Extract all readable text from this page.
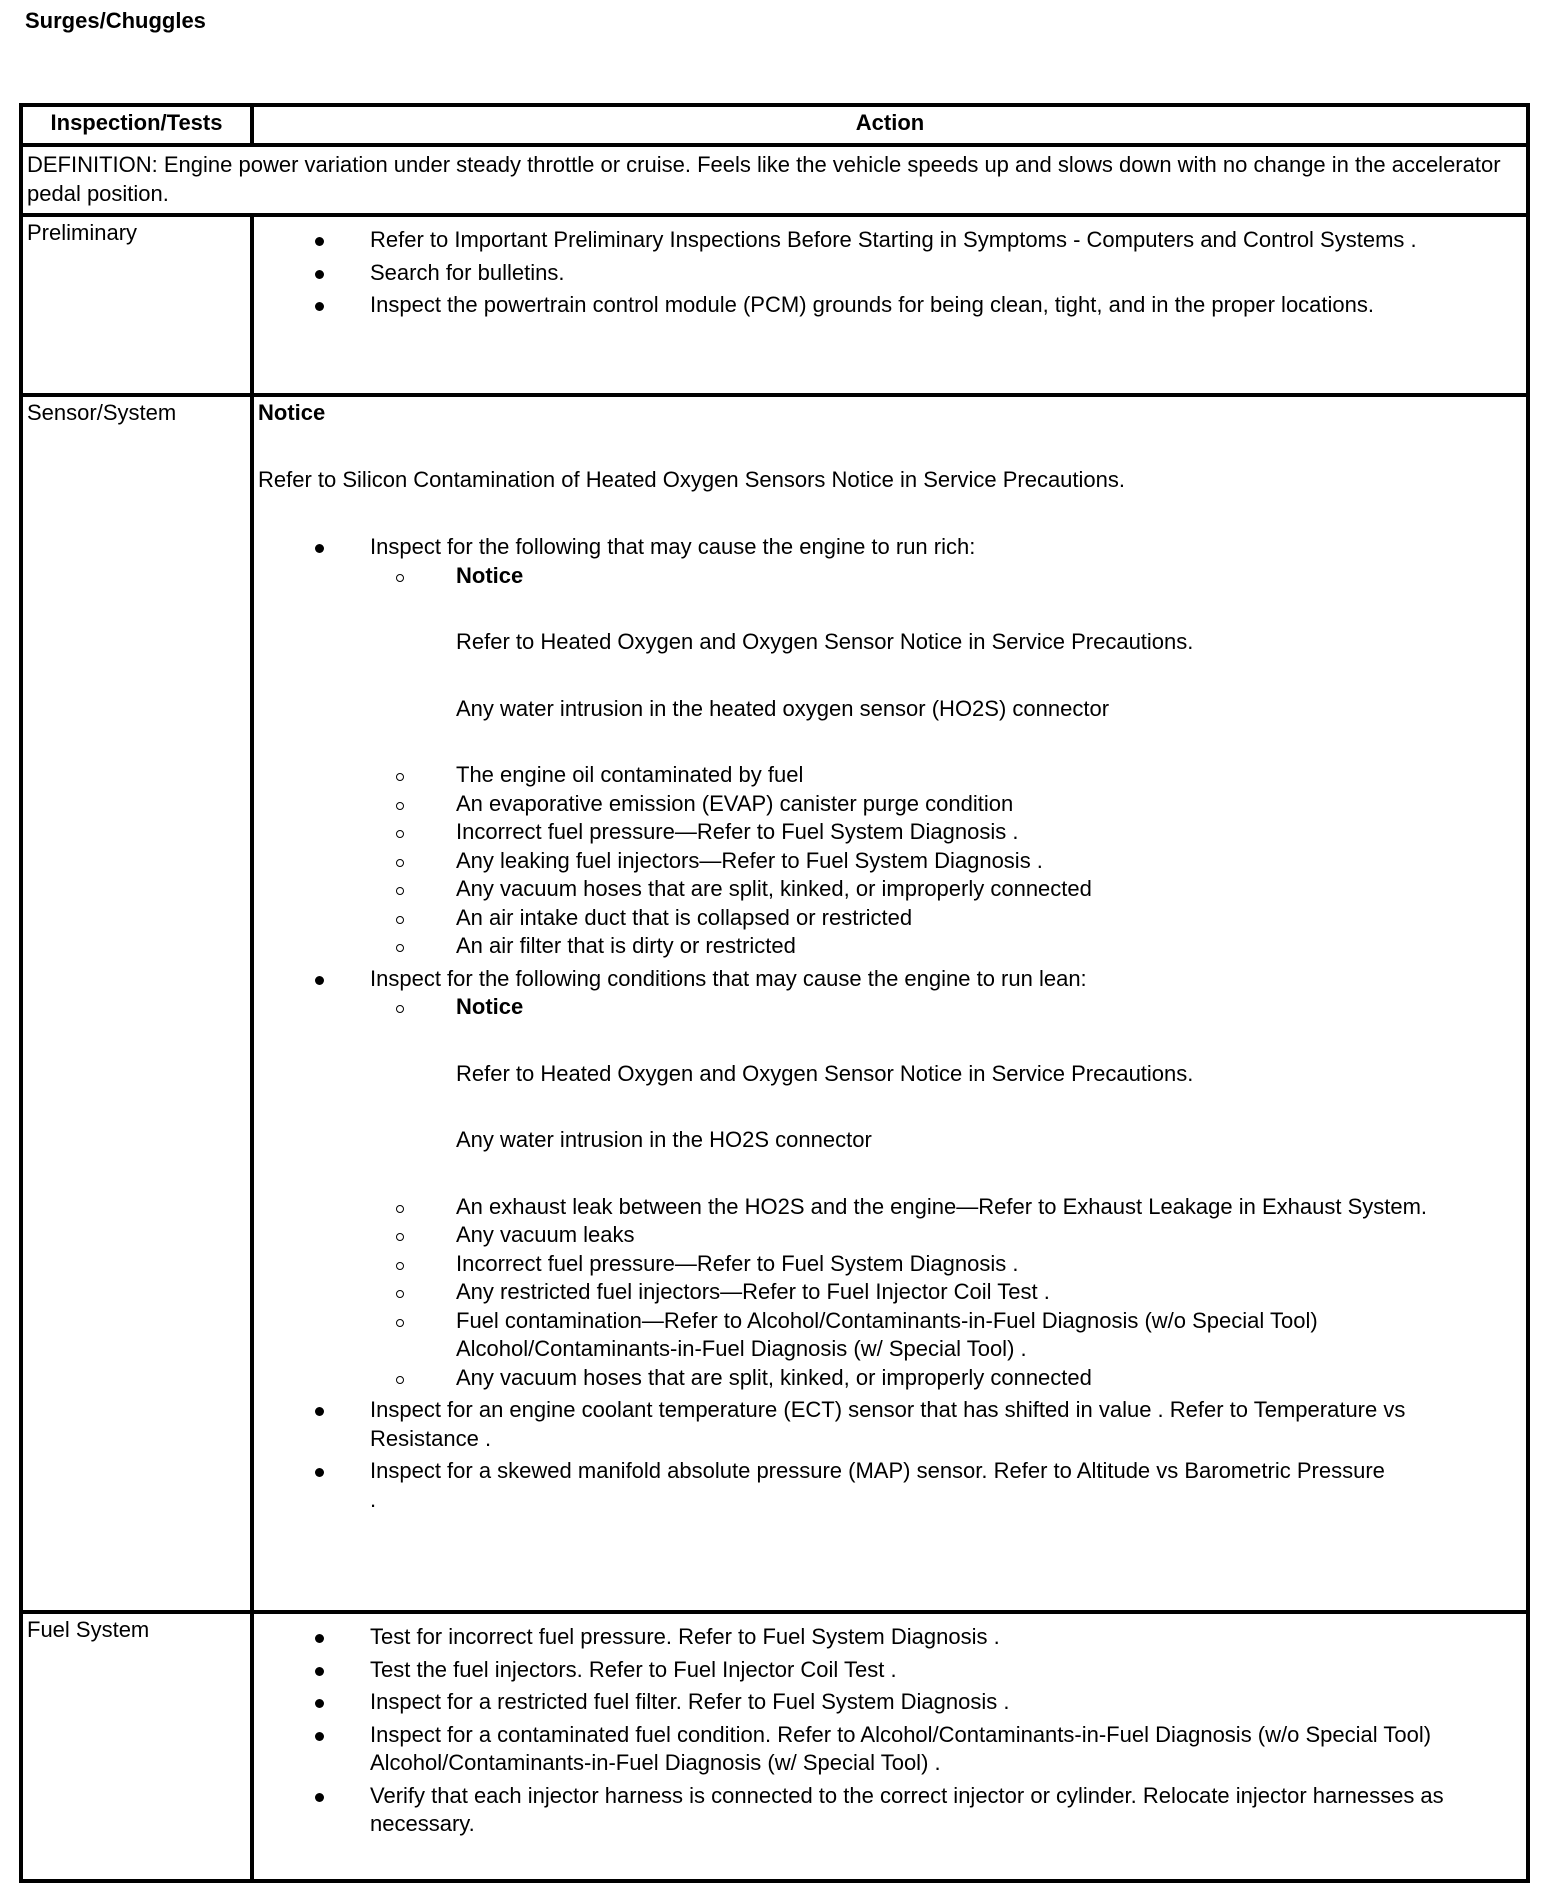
Surges/Chuggles
Inspection/Tests	Action
DEFINITION: Engine power variation under steady throttle or cruise. Feels like the vehicle speeds up and slows down with no change in the accelerator pedal position.
Preliminary	Refer to Important Preliminary Inspections Before Starting in Symptoms - Computers and Control Systems .
Search for bulletins.
Inspect the powertrain control module (PCM) grounds for being clean, tight, and in the proper locations.
Sensor/System	Notice
Refer to Silicon Contamination of Heated Oxygen Sensors Notice in Service Precautions.
Inspect for the following that may cause the engine to run rich:
Notice
Refer to Heated Oxygen and Oxygen Sensor Notice in Service Precautions.
Any water intrusion in the heated oxygen sensor (HO2S) connector
The engine oil contaminated by fuel
An evaporative emission (EVAP) canister purge condition
Incorrect fuel pressure—Refer to Fuel System Diagnosis .
Any leaking fuel injectors—Refer to Fuel System Diagnosis .
Any vacuum hoses that are split, kinked, or improperly connected
An air intake duct that is collapsed or restricted
An air filter that is dirty or restricted
Inspect for the following conditions that may cause the engine to run lean:
Notice
Refer to Heated Oxygen and Oxygen Sensor Notice in Service Precautions.
Any water intrusion in the HO2S connector
An exhaust leak between the HO2S and the engine—Refer to Exhaust Leakage in Exhaust System.
Any vacuum leaks
Incorrect fuel pressure—Refer to Fuel System Diagnosis .
Any restricted fuel injectors—Refer to Fuel Injector Coil Test .
Fuel contamination—Refer to Alcohol/Contaminants-in-Fuel Diagnosis (w/o Special Tool) Alcohol/Contaminants-in-Fuel Diagnosis (w/ Special Tool) .
Any vacuum hoses that are split, kinked, or improperly connected
Inspect for an engine coolant temperature (ECT) sensor that has shifted in value . Refer to Temperature vs Resistance .
Inspect for a skewed manifold absolute pressure (MAP) sensor. Refer to Altitude vs Barometric Pressure
.
Fuel System	Test for incorrect fuel pressure. Refer to Fuel System Diagnosis .
Test the fuel injectors. Refer to Fuel Injector Coil Test .
Inspect for a restricted fuel filter. Refer to Fuel System Diagnosis .
Inspect for a contaminated fuel condition. Refer to Alcohol/Contaminants-in-Fuel Diagnosis (w/o Special Tool) Alcohol/Contaminants-in-Fuel Diagnosis (w/ Special Tool) .
Verify that each injector harness is connected to the correct injector or cylinder. Relocate injector harnesses as necessary.
